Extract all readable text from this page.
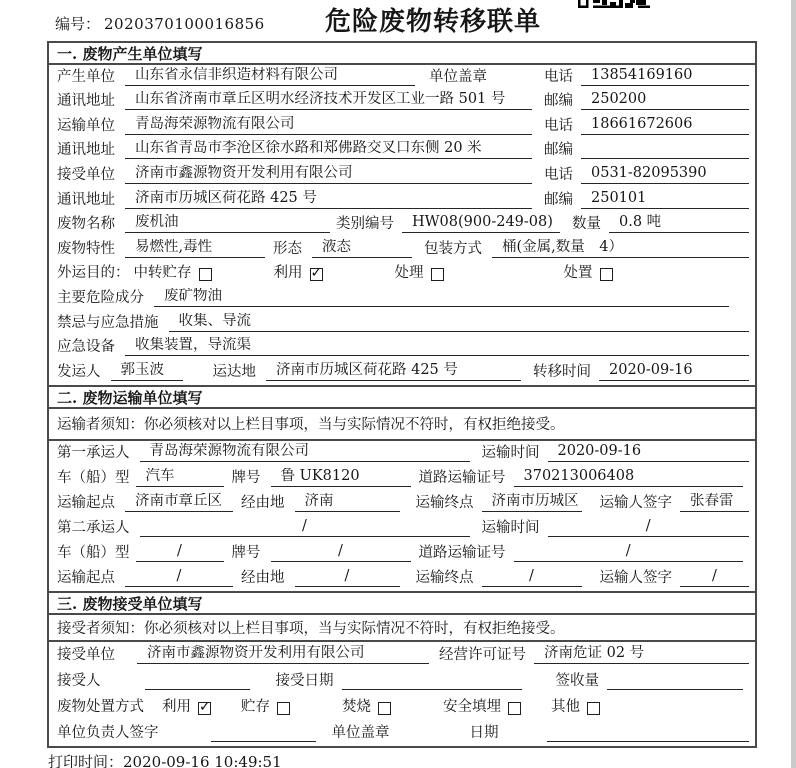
编号： 2020370100016856 危险废物转移联单
一. 废物产生单位填写
产生单位	山东省永信非织造材料有限公司	单位盖章	电话	13854169160
通讯地址	山东省济南市章丘区明水经济技术开发区工业一路 501 号	邮编	250200
运输单位	青岛海荣源物流有限公司	电话	18661672606
通讯地址	山东省青岛市李沧区徐水路和郑佛路交叉口东侧 20 米	邮编
接受单位	济南市鑫源物资开发利用有限公司	电话	0531-82095390
通讯地址	济南市历城区荷花路 425 号	邮编	250101
废物名称	废机油	类别编号	HW08(900-249-08)	数量	0.8 吨
废物特性	易燃性,毒性	形态	液态	包装方式	桶(金属,数量　4）
外运目的： 中转贮存	利用 ✓	处理	处置
主要危险成分	废矿物油
禁忌与应急措施	收集、导流
应急设备	收集装置，导流渠
发运人	郭玉波	运达地	济南市历城区荷花路 425 号	转移时间	2020-09-16
二. 废物运输单位填写
运输者须知：你必须核对以上栏目事项，当与实际情况不符时，有权拒绝接受。
第一承运人	青岛海荣源物流有限公司	运输时间	2020-09-16
车（船）型	汽车	牌号	鲁 UK8120	道路运输证号	370213006408
运输起点	济南市章丘区	经由地	济南	运输终点	济南市历城区 运输人签字	张春雷
第二承运人	/	运输时间	/
车（船）型	/	牌号	/	道路运输证号	/
运输起点	/	经由地	/	运输终点	/	运输人签字	/
三. 废物接受单位填写
接受者须知：你必须核对以上栏目事项，当与实际情况不符时，有权拒绝接受。
接受单位	济南市鑫源物资开发利用有限公司	经营许可证号	济南危证 02 号
接受人	接受日期	签收量
废物处置方式 利用 ✓	贮存	焚烧	安全填埋	其他
单位负责人签字	单位盖章	日期
打印时间：2020-09-16 10:49:51
